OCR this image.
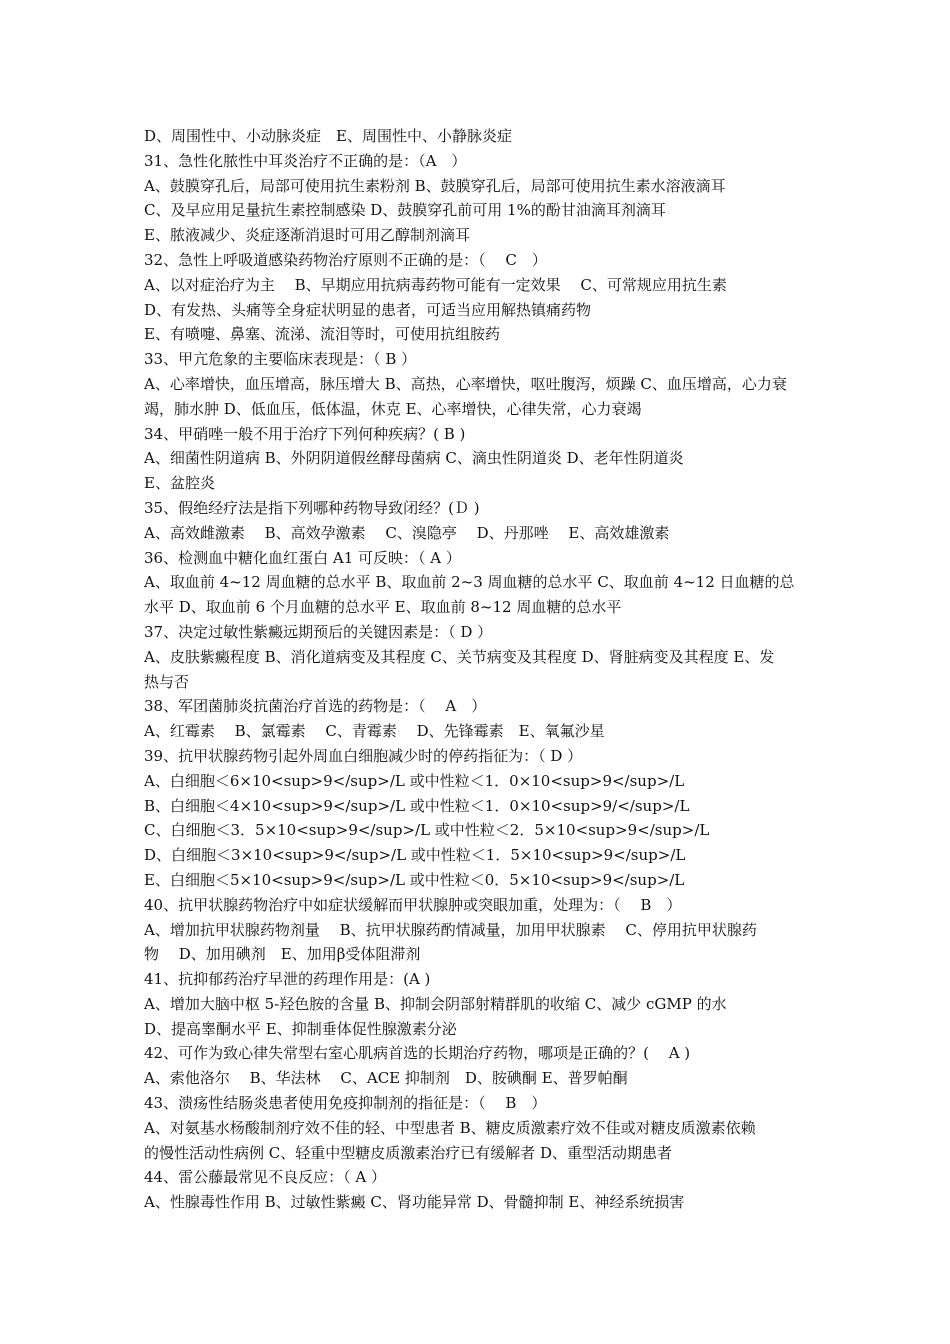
D、周围性中、小动脉炎症　E、周围性中、小静脉炎症
31、急性化脓性中耳炎治疗不正确的是：（A　）
A、鼓膜穿孔后，局部可使用抗生素粉剂 B、鼓膜穿孔后，局部可使用抗生素水溶液滴耳
C、及早应用足量抗生素控制感染 D、鼓膜穿孔前可用 1%的酚甘油滴耳剂滴耳
E、脓液减少、炎症逐渐消退时可用乙醇制剂滴耳
32、急性上呼吸道感染药物治疗原则不正确的是：（　 C　）
A、以对症治疗为主　 B、早期应用抗病毒药物可能有一定效果　 C、可常规应用抗生素
D、有发热、头痛等全身症状明显的患者，可适当应用解热镇痛药物
E、有喷嚏、鼻塞、流涕、流泪等时，可使用抗组胺药
33、甲亢危象的主要临床表现是：（ B ）
A、心率增快，血压增高，脉压增大 B、高热，心率增快，呕吐腹泻，烦躁 C、血压增高，心力衰
竭，肺水肿 D、低血压，低体温，休克 E、心率增快，心律失常，心力衰竭
34、甲硝唑一般不用于治疗下列何种疾病？( B )
A、细菌性阴道病 B、外阴阴道假丝酵母菌病 C、滴虫性阴道炎 D、老年性阴道炎
E、盆腔炎
35、假绝经疗法是指下列哪种药物导致闭经？(Ｄ )
A、高效雌激素　 B、高效孕激素　 C、溴隐亭　 D、丹那唑　 E、高效雄激素
36、检测血中糖化血红蛋白 A1 可反映：（ A ）
A、取血前 4~12 周血糖的总水平 B、取血前 2~3 周血糖的总水平 C、取血前 4~12 日血糖的总
水平 D、取血前 6 个月血糖的总水平 E、取血前 8~12 周血糖的总水平
37、决定过敏性紫癜远期预后的关键因素是：（ D ）
A、皮肤紫癜程度 B、消化道病变及其程度 C、关节病变及其程度 D、肾脏病变及其程度 E、发
热与否
38、军团菌肺炎抗菌治疗首选的药物是：（　 A　）
A、红霉素　 B、氯霉素　 C、青霉素　 D、先锋霉素　E、氧氟沙星
39、抗甲状腺药物引起外周血白细胞减少时的停药指征为：（ D ）
A、白细胞＜6×10<sup>9</sup>/L 或中性粒＜1．0×10<sup>9</sup>/L
B、白细胞＜4×10<sup>9</sup>/L 或中性粒＜1．0×10<sup>9/</sup>/L
C、白细胞＜3．5×10<sup>9</sup>/L 或中性粒＜2．5×10<sup>9</sup>/L
D、白细胞＜3×10<sup>9</sup>/L 或中性粒＜1．5×10<sup>9</sup>/L
E、白细胞＜5×10<sup>9</sup>/L 或中性粒＜0．5×10<sup>9</sup>/L
40、抗甲状腺药物治疗中如症状缓解而甲状腺肿或突眼加重，处理为：（　 B　）
A、增加抗甲状腺药物剂量　 B、抗甲状腺药酌情减量，加用甲状腺素　 C、停用抗甲状腺药
物　 D、加用碘剂　E、加用β受体阻滞剂
41、抗抑郁药治疗早泄的药理作用是：(A )
A、增加大脑中枢 5-羟色胺的含量 B、抑制会阴部射精群肌的收缩 C、减少 cGMP 的水
D、提高睾酮水平 E、抑制垂体促性腺激素分泌
42、可作为致心律失常型右室心肌病首选的长期治疗药物，哪项是正确的？(　 A )
A、索他洛尔　 B、华法林　 C、ACE 抑制剂　D、胺碘酮 E、普罗帕酮
43、溃疡性结肠炎患者使用免疫抑制剂的指征是：（　 B　）
A、对氨基水杨酸制剂疗效不佳的轻、中型患者 B、糖皮质激素疗效不佳或对糖皮质激素依赖
的慢性活动性病例 C、轻重中型糖皮质激素治疗已有缓解者 D、重型活动期患者
44、雷公藤最常见不良反应：（ A ）
A、性腺毒性作用 B、过敏性紫癜 C、肾功能异常 D、骨髓抑制 E、神经系统损害
